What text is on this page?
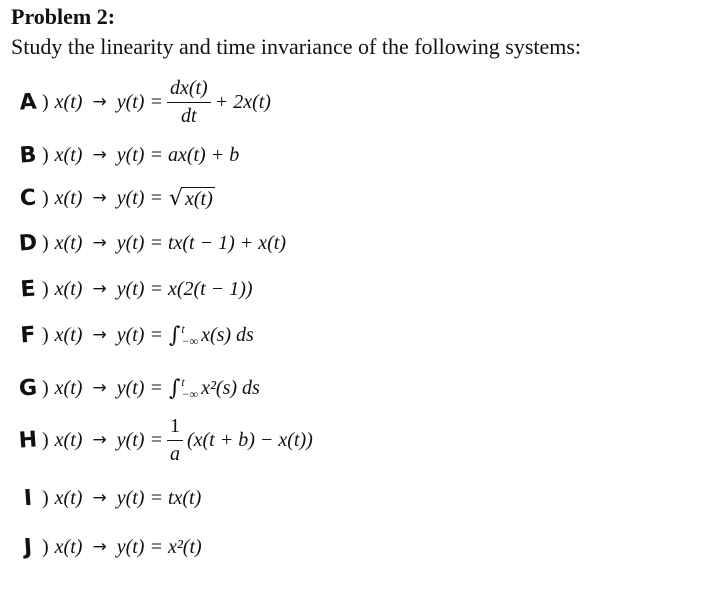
Problem 2:
Study the linearity and time invariance of the following systems:
A ) $x(t) \to y(t) = \frac{dx(t)}{dt} + 2x(t)$
B ) x(t) → y(t) = ax(t) + b
C ) x(t) → y(t) = √ x(t)
D ) x(t) → y(t) = tx(t − 1) + x(t)
E ) x(t) → y(t) = x(2(t − 1))
F ) x(t) → y(t) = ∫ t
−∞ x(s) ds
G ) x(t) → y(t) = ∫ t
−∞ x²(s) ds
H ) $x(t) \to y(t) = \frac{1}{a} (x(t + b) - x(t))$
I ) x(t) → y(t) = tx(t)
J ) x(t) → y(t) = x²(t)
